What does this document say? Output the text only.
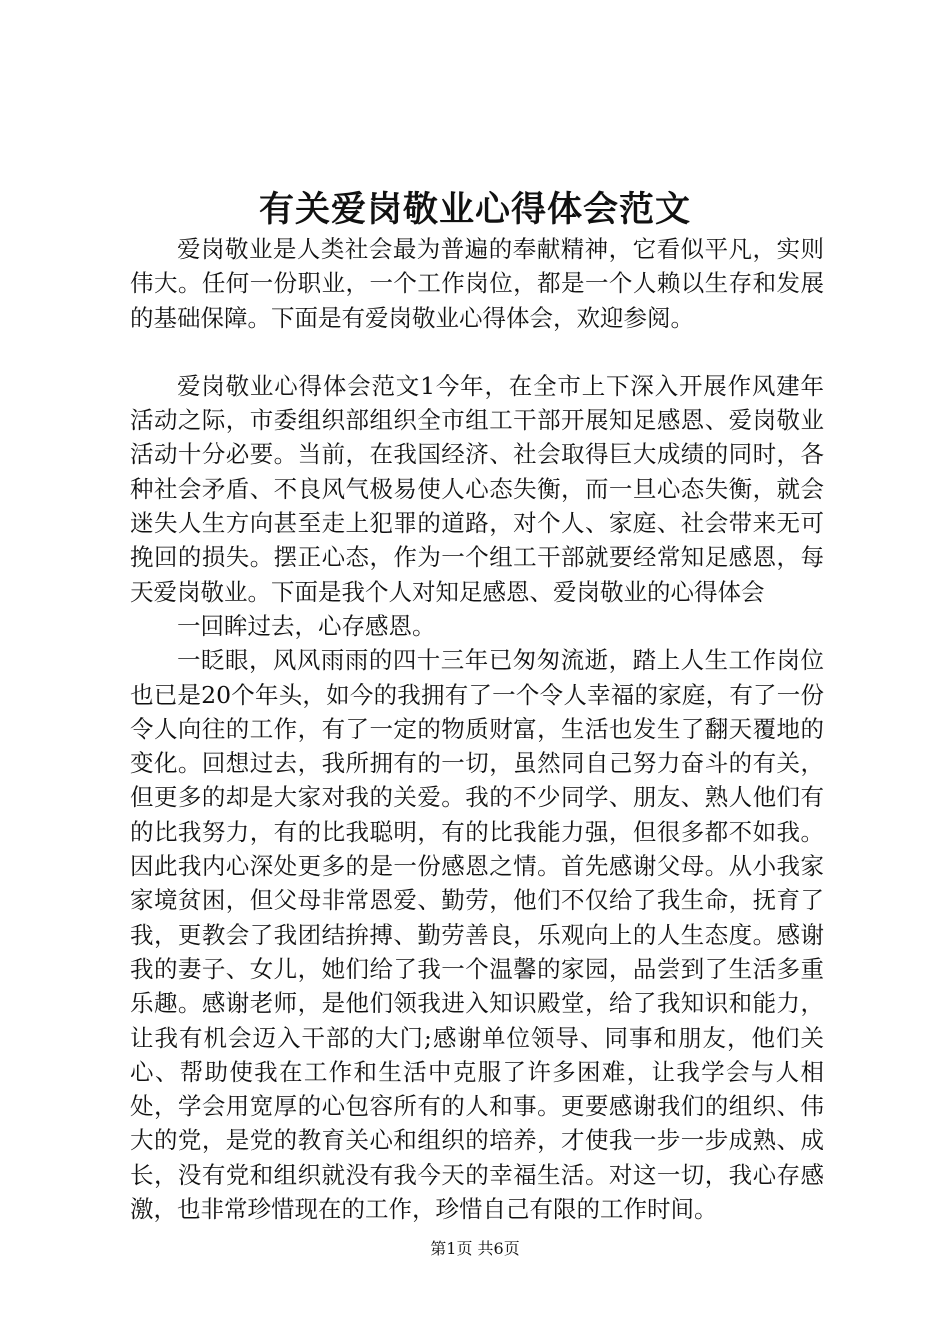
有关爱岗敬业心得体会范文

爱岗敬业是人类社会最为普遍的奉献精神，它看似平凡，实则伟大。任何一份职业，一个工作岗位，都是一个人赖以生存和发展的基础保障。下面是有爱岗敬业心得体会，欢迎参阅。

爱岗敬业心得体会范文1今年，在全市上下深入开展作风建年活动之际，市委组织部组织全市组工干部开展知足感恩、爱岗敬业活动十分必要。当前，在我国经济、社会取得巨大成绩的同时，各种社会矛盾、不良风气极易使人心态失衡，而一旦心态失衡，就会迷失人生方向甚至走上犯罪的道路，对个人、家庭、社会带来无可挽回的损失。摆正心态，作为一个组工干部就要经常知足感恩，每天爱岗敬业。下面是我个人对知足感恩、爱岗敬业的心得体会

一回眸过去，心存感恩。

一眨眼，风风雨雨的四十三年已匆匆流逝，踏上人生工作岗位也已是20个年头，如今的我拥有了一个令人幸福的家庭，有了一份令人向往的工作，有了一定的物质财富，生活也发生了翻天覆地的变化。回想过去，我所拥有的一切，虽然同自己努力奋斗的有关，但更多的却是大家对我的关爱。我的不少同学、朋友、熟人他们有的比我努力，有的比我聪明，有的比我能力强，但很多都不如我。因此我内心深处更多的是一份感恩之情。首先感谢父母。从小我家家境贫困，但父母非常恩爱、勤劳，他们不仅给了我生命，抚育了我，更教会了我团结拚搏、勤劳善良，乐观向上的人生态度。感谢我的妻子、女儿，她们给了我一个温馨的家园，品尝到了生活多重乐趣。感谢老师，是他们领我进入知识殿堂，给了我知识和能力，让我有机会迈入干部的大门;感谢单位领导、同事和朋友，他们关心、帮助使我在工作和生活中克服了许多困难，让我学会与人相处，学会用宽厚的心包容所有的人和事。更要感谢我们的组织、伟大的党，是党的教育关心和组织的培养，才使我一步一步成熟、成长，没有党和组织就没有我今天的幸福生活。对这一切，我心存感激，也非常珍惜现在的工作，珍惜自己有限的工作时间。

第1页 共6页
